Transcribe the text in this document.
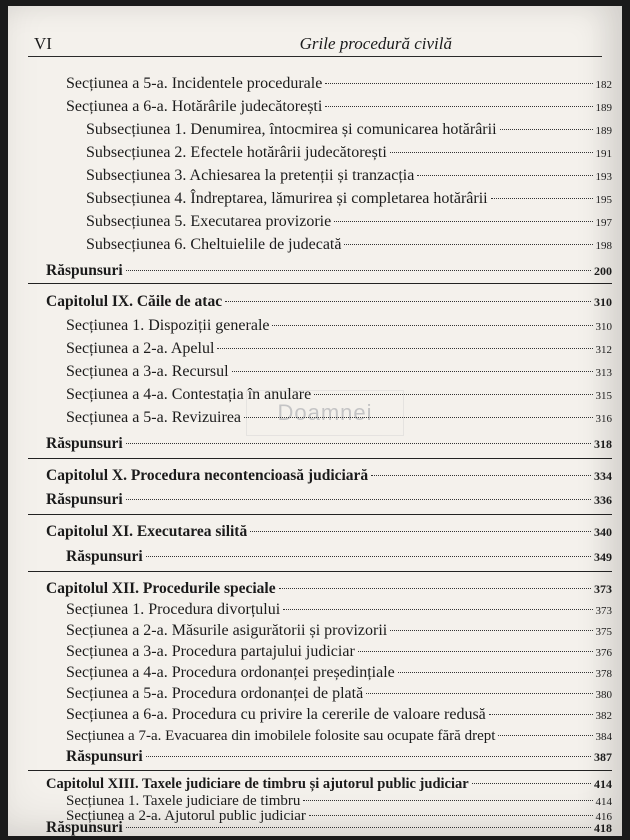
VI	Grile procedură civilă
Doamnei
Secțiunea a 5-a. Incidentele procedurale	182
Secțiunea a 6-a. Hotărârile judecătorești	189
Subsecțiunea 1. Denumirea, întocmirea și comunicarea hotărârii	189
Subsecțiunea 2. Efectele hotărârii judecătorești	191
Subsecțiunea 3. Achiesarea la pretenții și tranzacția	193
Subsecțiunea 4. Îndreptarea, lămurirea și completarea hotărârii	195
Subsecțiunea 5. Executarea provizorie	197
Subsecțiunea 6. Cheltuielile de judecată	198
Răspunsuri	200
Capitolul IX. Căile de atac	310
Secțiunea 1. Dispoziții generale	310
Secțiunea a 2-a. Apelul	312
Secțiunea a 3-a. Recursul	313
Secțiunea a 4-a. Contestația în anulare	315
Secțiunea a 5-a. Revizuirea	316
Răspunsuri	318
Capitolul X. Procedura necontencioasă judiciară	334
Răspunsuri	336
Capitolul XI. Executarea silită	340
Răspunsuri	349
Capitolul XII. Procedurile speciale	373
Secțiunea 1. Procedura divorțului	373
Secțiunea a 2-a. Măsurile asigurătorii și provizorii	375
Secțiunea a 3-a. Procedura partajului judiciar	376
Secțiunea a 4-a. Procedura ordonanței președințiale	378
Secțiunea a 5-a. Procedura ordonanței de plată	380
Secțiunea a 6-a. Procedura cu privire la cererile de valoare redusă	382
Secțiunea a 7-a. Evacuarea din imobilele folosite sau ocupate fără drept	384
Răspunsuri	387
Capitolul XIII. Taxele judiciare de timbru și ajutorul public judiciar	414
Secțiunea 1. Taxele judiciare de timbru	414
Secțiunea a 2-a. Ajutorul public judiciar	416
Răspunsuri	418
